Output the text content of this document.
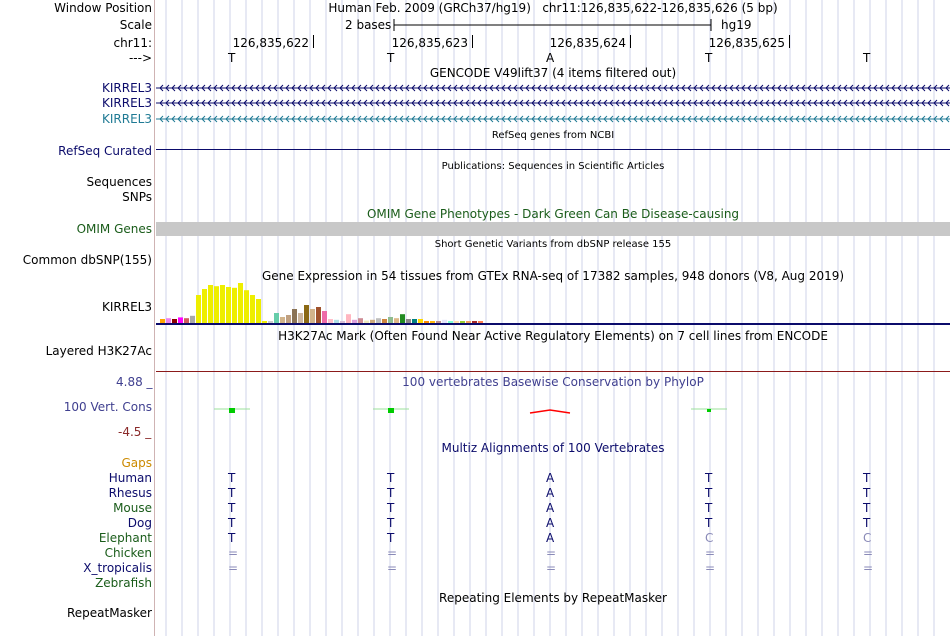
Window Position	Human Feb. 2009 (GRCh37/hg19)   chr11:126,835,622-126,835,626 (5 bp)
Scale	2 bases	hg19
chr11:	126,835,622	126,835,623	126,835,624	126,835,625
--->	T	T	A	T	T
GENCODE V49lift37 (4 items filtered out)
KIRREL3
KIRREL3
KIRREL3
RefSeq genes from NCBI
RefSeq Curated
Publications: Sequences in Scientific Articles
Sequences
SNPs
OMIM Gene Phenotypes - Dark Green Can Be Disease-causing
OMIM Genes
Short Genetic Variants from dbSNP release 155
Common dbSNP(155)
Gene Expression in 54 tissues from GTEx RNA-seq of 17382 samples, 948 donors (V8, Aug 2019)
KIRREL3
H3K27Ac Mark (Often Found Near Active Regulatory Elements) on 7 cell lines from ENCODE
Layered H3K27Ac
4.88 _	100 vertebrates Basewise Conservation by PhyloP
100 Vert. Cons
-4.5 _
Multiz Alignments of 100 Vertebrates
Gaps
Human	T	T	A	T	T
Rhesus	T	T	A	T	T
Mouse	T	T	A	T	T
Dog	T	T	A	T	T
Elephant	T	T	A	C	C
Chicken	=	=	=	=	=
X_tropicalis	=	=	=	=	=
Zebrafish
Repeating Elements by RepeatMasker
RepeatMasker
